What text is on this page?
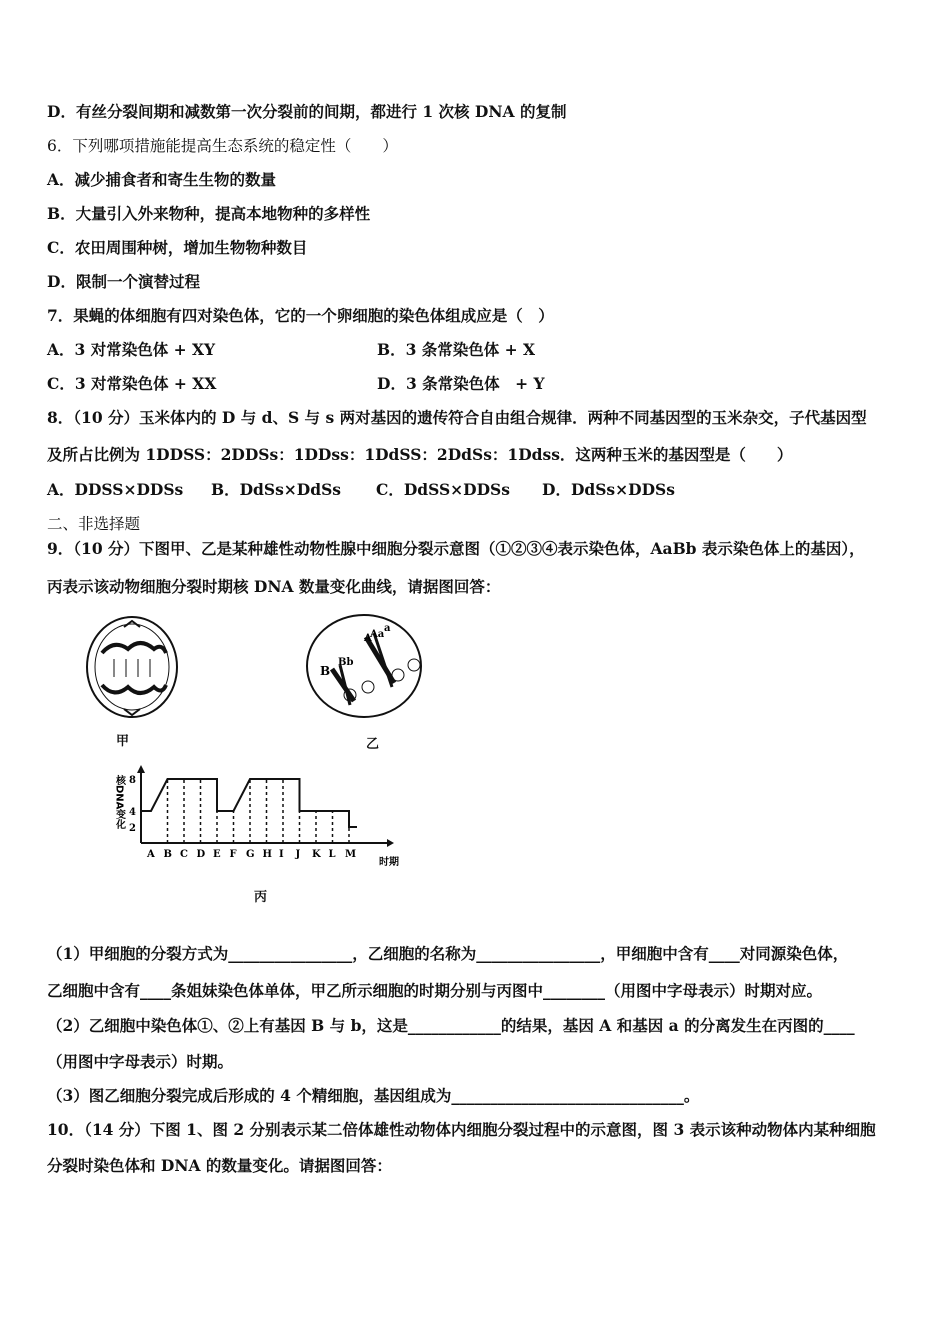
D．有丝分裂间期和减数第一次分裂前的间期，都进行 1 次核 DNA 的复制
6．下列哪项措施能提高生态系统的稳定性（　　）
A．减少捕食者和寄生生物的数量
B．大量引入外来物种，提高本地物种的多样性
C．农田周围种树，增加生物物种数目
D．限制一个演替过程
7．果蝇的体细胞有四对染色体，它的一个卵细胞的染色体组成应是（　）
A．3 对常染色体 + XY	B．3 条常染色体 + X
C．3 对常染色体 + XX	D．3 条常染色体　+ Y
8．（10 分）玉米体内的 D 与 d、S 与 s 两对基因的遗传符合自由组合规律．两种不同基因型的玉米杂交，子代基因型
及所占比例为 1DDSS：2DDSs：1DDss：1DdSS：2DdSs：1Ddss．这两种玉米的基因型是（　　）
A．DDSS×DDSs B．DdSs×DdSs C．DdSS×DDSs D．DdSs×DDSs
二、非选择题
9．（10 分）下图甲、乙是某种雄性动物性腺中细胞分裂示意图（①②③④表示染色体，AaBb 表示染色体上的基因），
丙表示该动物细胞分裂时期核 DNA 数量变化曲线，请据图回答：
甲
B
Bb
A
Aa
a
乙
核DNA变化 2
4
8
A B C D E F G H I J K L M
时期
丙
（1）甲细胞的分裂方式为________________，乙细胞的名称为________________，甲细胞中含有____对同源染色体，
乙细胞中含有____条姐妹染色体单体，甲乙所示细胞的时期分别与丙图中________（用图中字母表示）时期对应。
（2）乙细胞中染色体①、②上有基因 B 与 b，这是____________的结果，基因 A 和基因 a 的分离发生在丙图的____
（用图中字母表示）时期。
（3）图乙细胞分裂完成后形成的 4 个精细胞，基因组成为______________________________。
10．（14 分）下图 1、图 2 分别表示某二倍体雄性动物体内细胞分裂过程中的示意图，图 3 表示该种动物体内某种细胞
分裂时染色体和 DNA 的数量变化。请据图回答：
